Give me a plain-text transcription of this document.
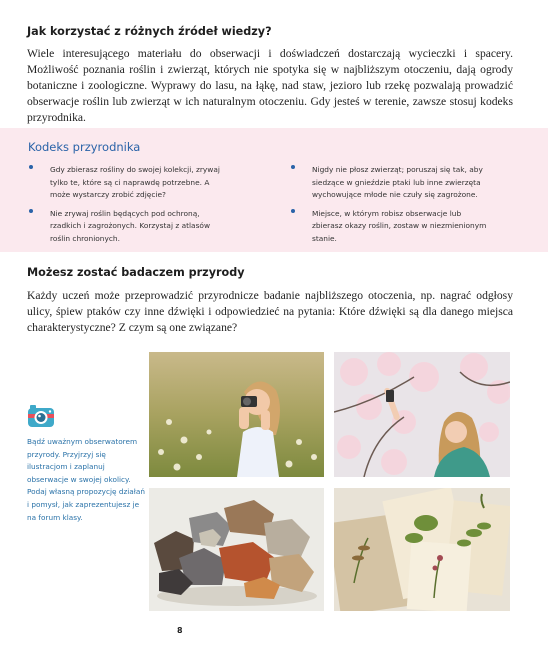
Jak korzystać z różnych źródeł wiedzy?

Wiele interesującego materiału do obserwacji i doświadczeń dostarczają wycieczki i spacery. Możliwość poznania roślin i zwierząt, których nie spotyka się w najbliższym otoczeniu, dają ogrody botaniczne i zoologiczne. Wyprawy do lasu, na łąkę, nad staw, jezioro lub rzekę pozwalają prowadzić obserwacje roślin lub zwierząt w ich naturalnym otoczeniu. Gdy jesteś w terenie, zawsze stosuj kodeks przyrodnika.

Kodeks przyrodnika
Gdy zbierasz rośliny do swojej kolekcji, zrywaj tylko te, które są ci naprawdę potrzebne. A może wystarczy zrobić zdjęcie?
Nie zrywaj roślin będących pod ochroną, rzadkich i zagrożonych. Korzystaj z atlasów roślin chronionych.
Nigdy nie płosz zwierząt; poruszaj się tak, aby siedzące w gnieździe ptaki lub inne zwierzęta wychowujące młode nie czuły się zagrożone.
Miejsce, w którym robisz obserwacje lub zbierasz okazy roślin, zostaw w niezmienionym stanie.
Możesz zostać badaczem przyrody

Każdy uczeń może przeprowadzić przyrodnicze badanie najbliższego otoczenia, np. nagrać odgłosy ulicy, śpiew ptaków czy inne dźwięki i odpowiedzieć na pytania: Które dźwięki są dla danego miejsca charakterystyczne? Z czym są one związane?

Bądź uważnym obserwatorem przyrody. Przyjrzyj się ilustracjom i zaplanuj obserwacje w swojej okolicy. Podaj własną propozycję działań i pomysł, jak zaprezentujesz je na forum klasy.

8
